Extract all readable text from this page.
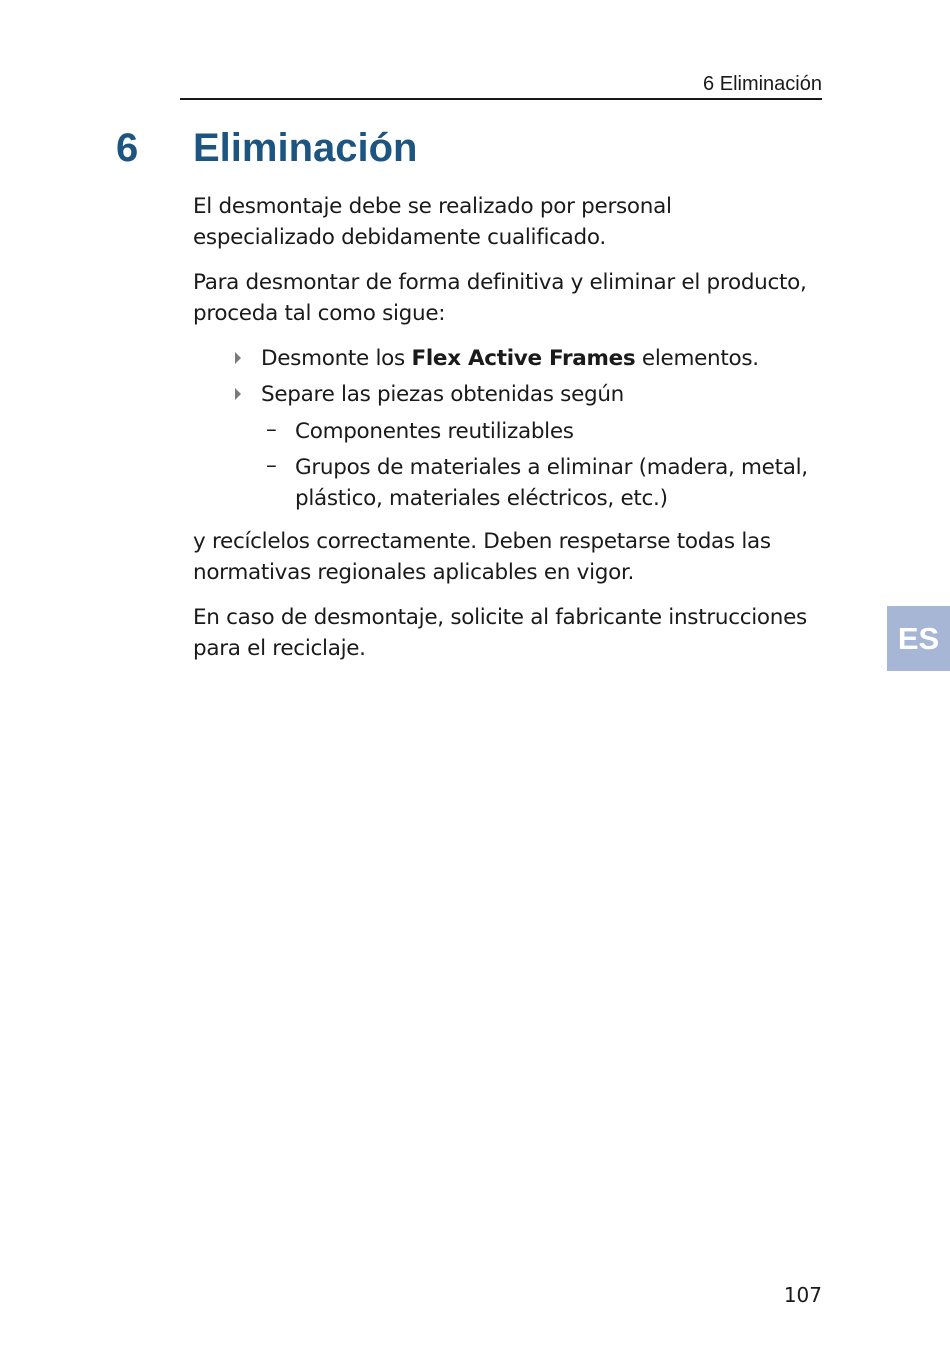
6 Eliminación
6 Eliminación

El desmontaje debe se realizado por personal especializado debidamente cualificado.

Para desmontar de forma definitiva y eliminar el producto, proceda tal como sigue:

Desmonte los Flex Active Frames elementos.
Separe las piezas obtenidas según
– Componentes reutilizables
– Grupos de materiales a eliminar (madera, metal, plástico, materiales eléctricos, etc.)

y recíclelos correctamente. Deben respetarse todas las normativas regionales aplicables en vigor.

En caso de desmontaje, solicite al fabricante instrucciones para el reciclaje.	ES
107
